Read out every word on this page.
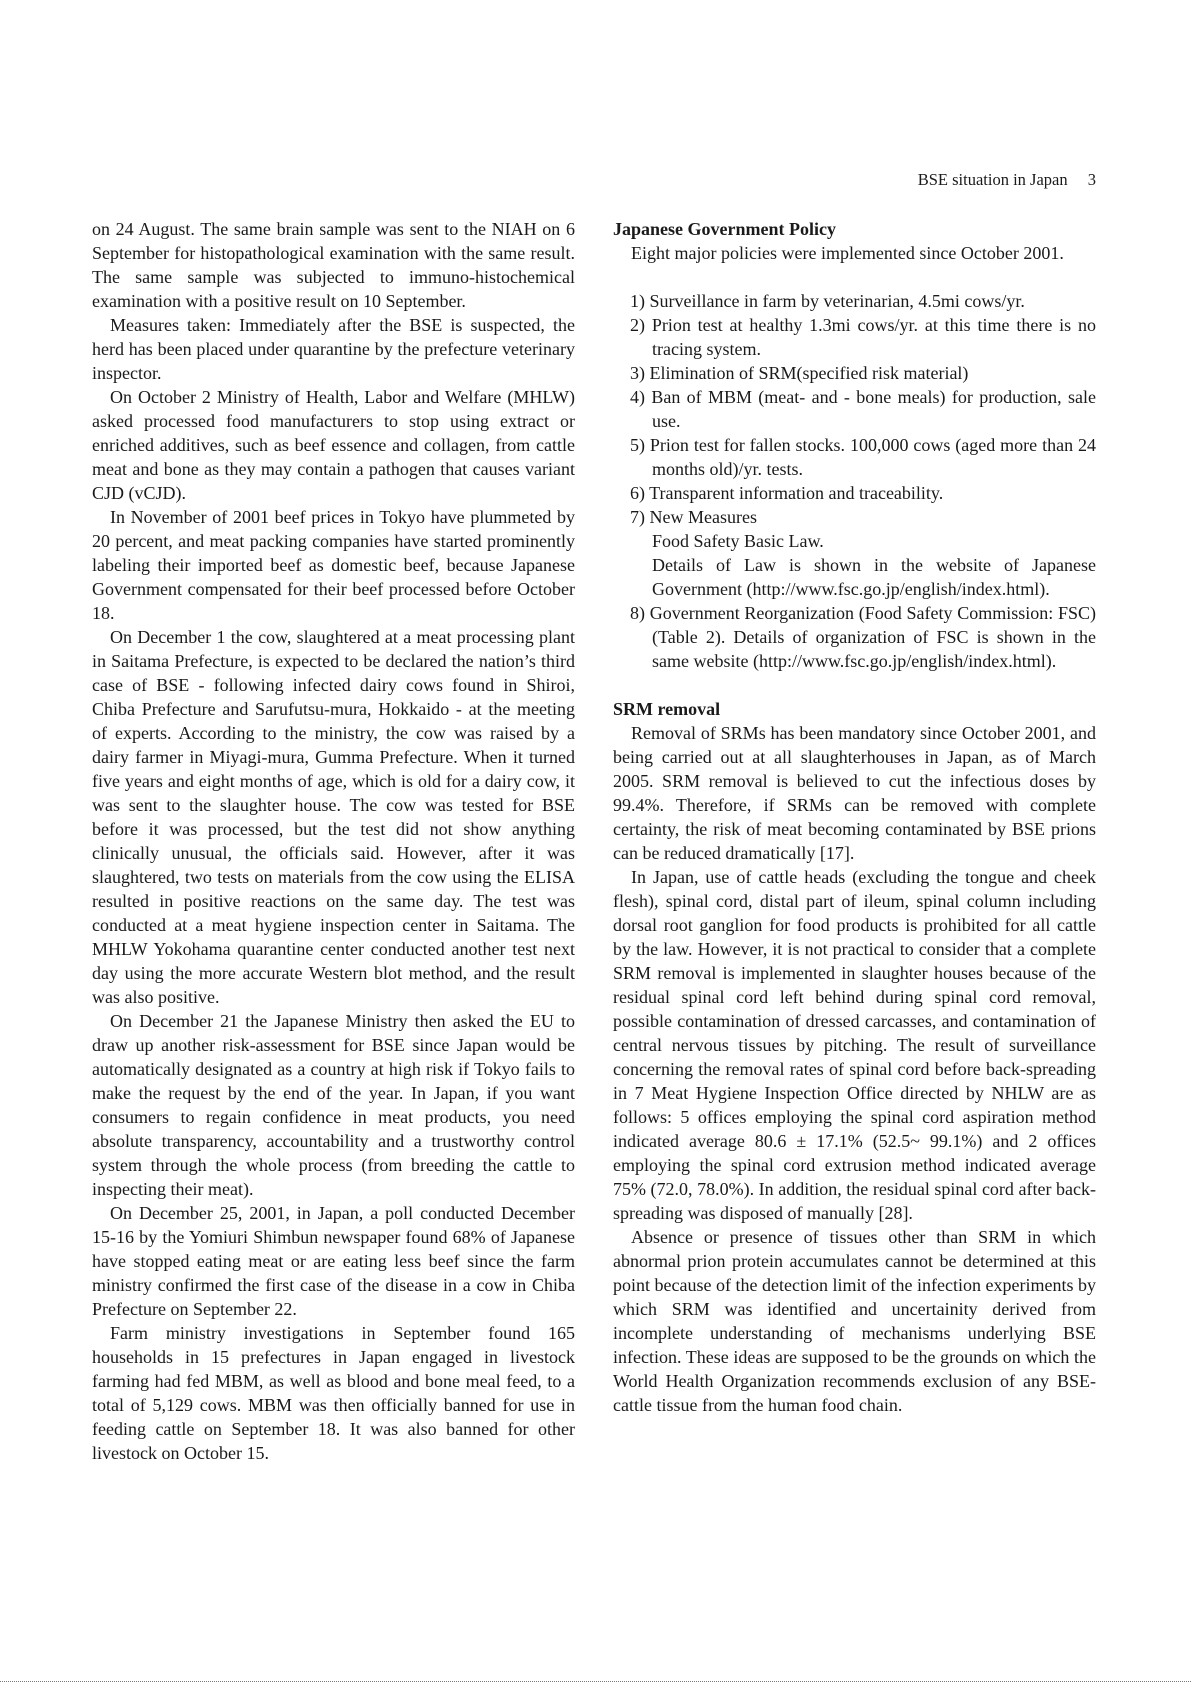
BSE situation in Japan 3

on 24 August. The same brain sample was sent to the NIAH on 6 September for histopathological examination with the same result. The same sample was subjected to immuno-histochemical examination with a positive result on 10 September.

Measures taken: Immediately after the BSE is suspected, the herd has been placed under quarantine by the prefecture veterinary inspector.

On October 2 Ministry of Health, Labor and Welfare (MHLW) asked processed food manufacturers to stop using extract or enriched additives, such as beef essence and collagen, from cattle meat and bone as they may contain a pathogen that causes variant CJD (vCJD).

In November of 2001 beef prices in Tokyo have plummeted by 20 percent, and meat packing companies have started prominently labeling their imported beef as domestic beef, because Japanese Government compensated for their beef processed before October 18.

On December 1 the cow, slaughtered at a meat processing plant in Saitama Prefecture, is expected to be declared the nation’s third case of BSE - following infected dairy cows found in Shiroi, Chiba Prefecture and Sarufutsu-mura, Hokkaido - at the meeting of experts. According to the ministry, the cow was raised by a dairy farmer in Miyagi-mura, Gumma Prefecture. When it turned five years and eight months of age, which is old for a dairy cow, it was sent to the slaughter house. The cow was tested for BSE before it was processed, but the test did not show anything clinically unusual, the officials said. However, after it was slaughtered, two tests on materials from the cow using the ELISA resulted in positive reactions on the same day. The test was conducted at a meat hygiene inspection center in Saitama. The MHLW Yokohama quarantine center conducted another test next day using the more accurate Western blot method, and the result was also positive.

On December 21 the Japanese Ministry then asked the EU to draw up another risk-assessment for BSE since Japan would be automatically designated as a country at high risk if Tokyo fails to make the request by the end of the year. In Japan, if you want consumers to regain confidence in meat products, you need absolute transparency, accountability and a trustworthy control system through the whole process (from breeding the cattle to inspecting their meat).

On December 25, 2001, in Japan, a poll conducted December 15-16 by the Yomiuri Shimbun newspaper found 68% of Japanese have stopped eating meat or are eating less beef since the farm ministry confirmed the first case of the disease in a cow in Chiba Prefecture on September 22.

Farm ministry investigations in September found 165 households in 15 prefectures in Japan engaged in livestock farming had fed MBM, as well as blood and bone meal feed, to a total of 5,129 cows. MBM was then officially banned for use in feeding cattle on September 18. It was also banned for other livestock on October 15.

Japanese Government Policy

Eight major policies were implemented since October 2001.

1) Surveillance in farm by veterinarian, 4.5mi cows/yr.
2) Prion test at healthy 1.3mi cows/yr. at this time there is no tracing system.
3) Elimination of SRM(specified risk material)
4) Ban of MBM (meat- and - bone meals) for production, sale use.
5) Prion test for fallen stocks. 100,000 cows (aged more than 24 months old)/yr. tests.
6) Transparent information and traceability.
7) New Measures
Food Safety Basic Law.
Details of Law is shown in the website of Japanese Government (http://www.fsc.go.jp/english/index.html).
8) Government Reorganization (Food Safety Commission: FSC) (Table 2). Details of organization of FSC is shown in the same website (http://www.fsc.go.jp/english/index.html).
SRM removal

Removal of SRMs has been mandatory since October 2001, and being carried out at all slaughterhouses in Japan, as of March 2005. SRM removal is believed to cut the infectious doses by 99.4%. Therefore, if SRMs can be removed with complete certainty, the risk of meat becoming contaminated by BSE prions can be reduced dramatically [17].

In Japan, use of cattle heads (excluding the tongue and cheek flesh), spinal cord, distal part of ileum, spinal column including dorsal root ganglion for food products is prohibited for all cattle by the law. However, it is not practical to consider that a complete SRM removal is implemented in slaughter houses because of the residual spinal cord left behind during spinal cord removal, possible contamination of dressed carcasses, and contamination of central nervous tissues by pitching. The result of surveillance concerning the removal rates of spinal cord before back-spreading in 7 Meat Hygiene Inspection Office directed by NHLW are as follows: 5 offices employing the spinal cord aspiration method indicated average 80.6 ± 17.1% (52.5~ 99.1%) and 2 offices employing the spinal cord extrusion method indicated average 75% (72.0, 78.0%). In addition, the residual spinal cord after back-spreading was disposed of manually [28].

Absence or presence of tissues other than SRM in which abnormal prion protein accumulates cannot be determined at this point because of the detection limit of the infection experiments by which SRM was identified and uncertainity derived from incomplete understanding of mechanisms underlying BSE infection. These ideas are supposed to be the grounds on which the World Health Organization recommends exclusion of any BSE-cattle tissue from the human food chain.
